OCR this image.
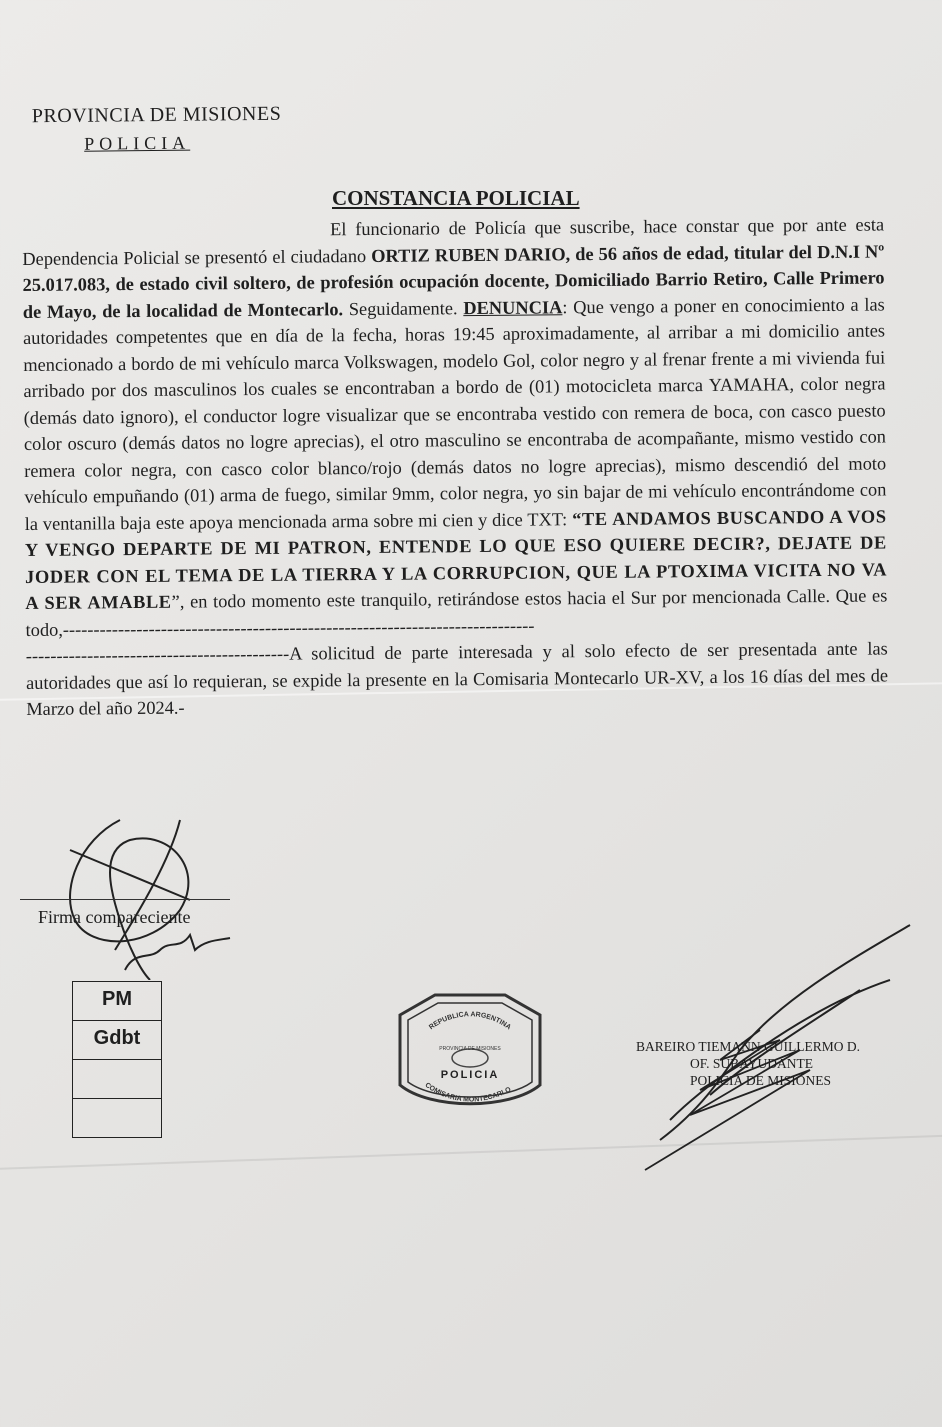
PROVINCIA DE MISIONES
POLICIA
CONSTANCIA POLICIAL

El funcionario de Policía que suscribe, hace constar que por ante esta Dependencia Policial se presentó el ciudadano ORTIZ RUBEN DARIO, de 56 años de edad, titular del D.N.I Nº 25.017.083, de estado civil soltero, de profesión ocupación docente, Domiciliado Barrio Retiro, Calle Primero de Mayo, de la localidad de Montecarlo. Seguidamente. DENUNCIA: Que vengo a poner en conocimiento a las autoridades competentes que en día de la fecha, horas 19:45 aproximadamente, al arribar a mi domicilio antes mencionado a bordo de mi vehículo marca Volkswagen, modelo Gol, color negro y al frenar frente a mi vivienda fui arribado por dos masculinos los cuales se encontraban a bordo de (01) motocicleta marca YAMAHA, color negra (demás dato ignoro), el conductor logre visualizar que se encontraba vestido con remera de boca, con casco puesto color oscuro (demás datos no logre aprecias), el otro masculino se encontraba de acompañante, mismo vestido con remera color negra, con casco color blanco/rojo (demás datos no logre aprecias), mismo descendió del moto vehículo empuñando (01) arma de fuego, similar 9mm, color negra, yo sin bajar de mi vehículo encontrándome con la ventanilla baja este apoya mencionada arma sobre mi cien y dice TXT: “TE ANDAMOS BUSCANDO A VOS Y VENGO DEPARTE DE MI PATRON, ENTENDE LO QUE ESO QUIERE DECIR?, DEJATE DE JODER CON EL TEMA DE LA TIERRA Y LA CORRUPCION, QUE LA PTOXIMA VICITA NO VA A SER AMABLE”, en todo momento este tranquilo, retirándose estos hacia el Sur por mencionada Calle. Que es todo,-----------------------------------------------------------------------------

-------------------------------------------A solicitud de parte interesada y al solo efecto de ser presentada ante las autoridades que así lo requieran, se expide la presente en la Comisaria Montecarlo UR-XV, a los 16 días del mes de Marzo del año 2024.-

Firma compareciente
PM
Gdbt
REPUBLICA ARGENTINA
PROVINCIA DE MISIONES
POLICIA
COMISARIA MONTECARLO
BAREIRO TIEMANN GUILLERMO D.
OF. SUBAYUDANTE
POLICIA DE MISIONES
